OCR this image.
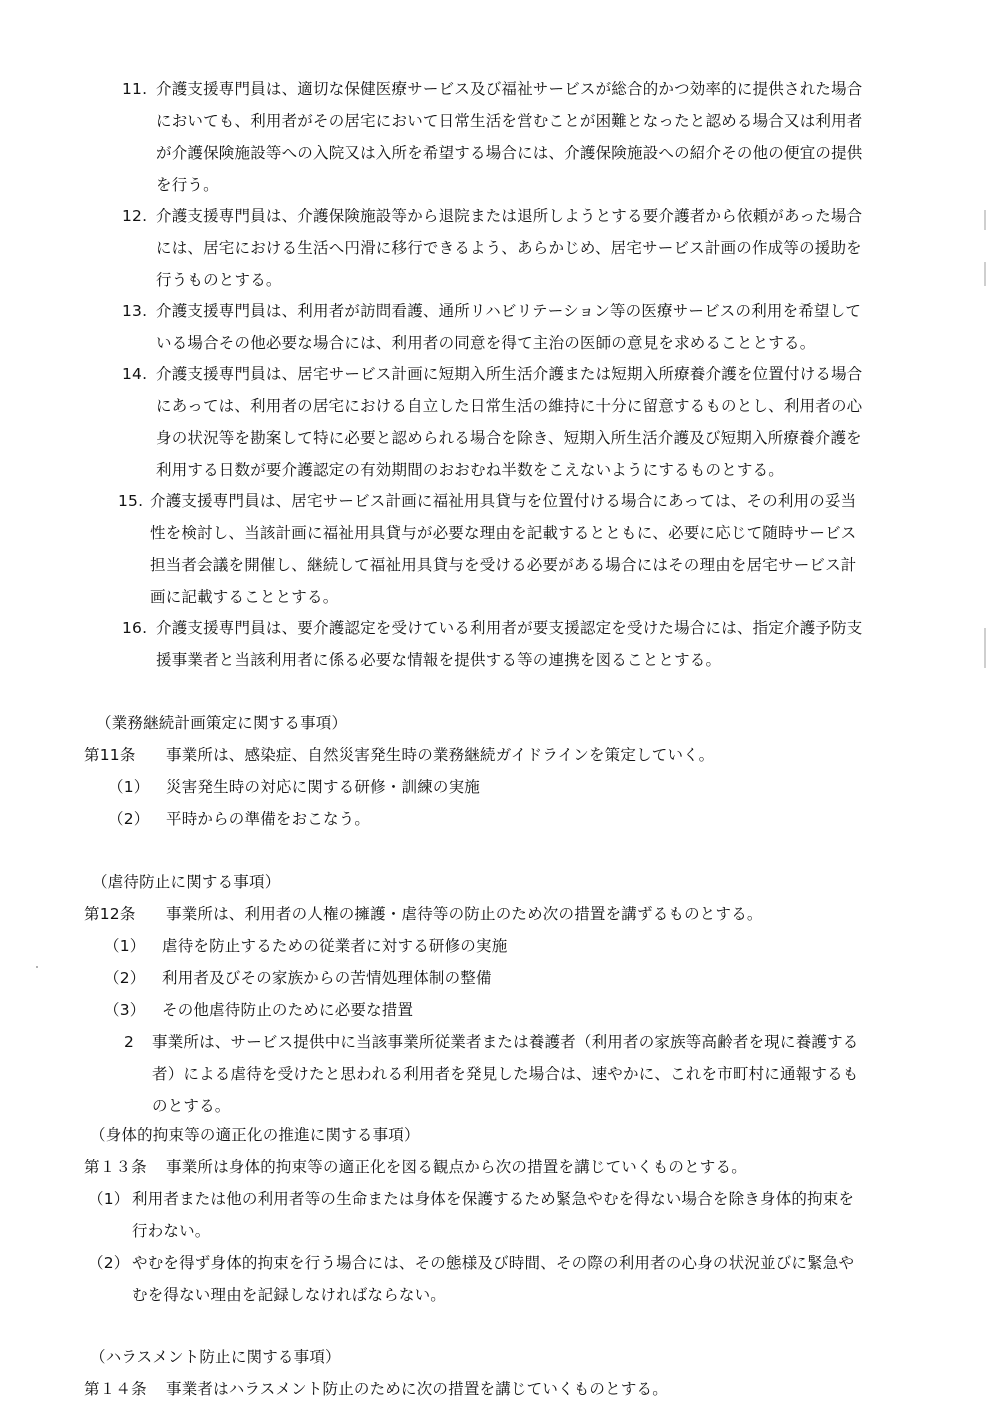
11. 介護支援専門員は、適切な保健医療サービス及び福祉サービスが総合的かつ効率的に提供された場合
においても、利用者がその居宅において日常生活を営むことが困難となったと認める場合又は利用者
が介護保険施設等への入院又は入所を希望する場合には、介護保険施設への紹介その他の便宜の提供
を行う。
12. 介護支援専門員は、介護保険施設等から退院または退所しようとする要介護者から依頼があった場合
には、居宅における生活へ円滑に移行できるよう、あらかじめ、居宅サービス計画の作成等の援助を
行うものとする。
13. 介護支援専門員は、利用者が訪問看護、通所リハビリテーション等の医療サービスの利用を希望して
いる場合その他必要な場合には、利用者の同意を得て主治の医師の意見を求めることとする。
14. 介護支援専門員は、居宅サービス計画に短期入所生活介護または短期入所療養介護を位置付ける場合
にあっては、利用者の居宅における自立した日常生活の維持に十分に留意するものとし、利用者の心
身の状況等を勘案して特に必要と認められる場合を除き、短期入所生活介護及び短期入所療養介護を
利用する日数が要介護認定の有効期間のおおむね半数をこえないようにするものとする。
15. 介護支援専門員は、居宅サービス計画に福祉用具貸与を位置付ける場合にあっては、その利用の妥当
性を検討し、当該計画に福祉用具貸与が必要な理由を記載するとともに、必要に応じて随時サービス
担当者会議を開催し、継続して福祉用具貸与を受ける必要がある場合にはその理由を居宅サービス計
画に記載することとする。
16. 介護支援専門員は、要介護認定を受けている利用者が要支援認定を受けた場合には、指定介護予防支
援事業者と当該利用者に係る必要な情報を提供する等の連携を図ることとする。
（業務継続計画策定に関する事項）
第11条 事業所は、感染症、自然災害発生時の業務継続ガイドラインを策定していく。
（1） 災害発生時の対応に関する研修・訓練の実施
（2） 平時からの準備をおこなう。
（虐待防止に関する事項）
第12条 事業所は、利用者の人権の擁護・虐待等の防止のため次の措置を講ずるものとする。
（1） 虐待を防止するための従業者に対する研修の実施
（2） 利用者及びその家族からの苦情処理体制の整備
（3） その他虐待防止のために必要な措置
2 事業所は、サービス提供中に当該事業所従業者または養護者（利用者の家族等高齢者を現に養護する
者）による虐待を受けたと思われる利用者を発見した場合は、速やかに、これを市町村に通報するも
のとする。
（身体的拘束等の適正化の推進に関する事項）
第１３条 事業所は身体的拘束等の適正化を図る観点から次の措置を講じていくものとする。
（1） 利用者または他の利用者等の生命または身体を保護するため緊急やむを得ない場合を除き身体的拘束を
行わない。
（2） やむを得ず身体的拘束を行う場合には、その態様及び時間、その際の利用者の心身の状況並びに緊急や
むを得ない理由を記録しなければならない。
（ハラスメント防止に関する事項）
第１４条 事業者はハラスメント防止のために次の措置を講じていくものとする。
